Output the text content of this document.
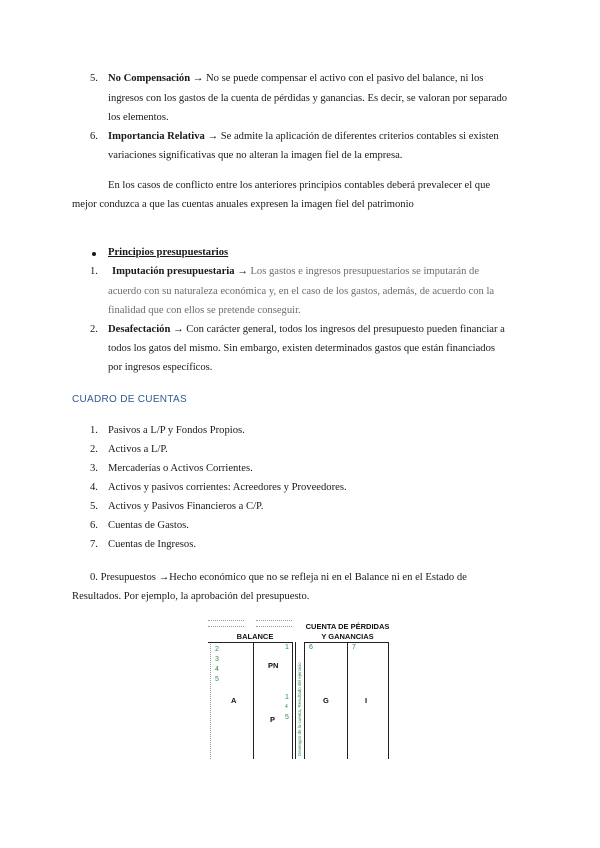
5. No Compensación → No se puede compensar el activo con el pasivo del balance, ni los
ingresos con los gastos de la cuenta de pérdidas y ganancias. Es decir, se valoran por separado
los elementos.
6. Importancia Relativa → Se admite la aplicación de diferentes criterios contables si existen
variaciones significativas que no alteran la imagen fiel de la empresa.
En los casos de conflicto entre los anteriores principios contables deberá prevalecer el que
mejor conduzca a que las cuentas anuales expresen la imagen fiel del patrimonio
Principios presupuestarios
1. Imputación presupuestaria → Los gastos e ingresos presupuestarios se imputarán de
acuerdo con su naturaleza económica y, en el caso de los gastos, además, de acuerdo con la
finalidad que con ellos se pretende conseguir.
2. Desafectación → Con carácter general, todos los ingresos del presupuesto pueden financiar a
todos los gatos del mismo. Sin embargo, existen determinados gastos que están financiados
por ingresos específicos.
CUADRO DE CUENTAS
1. Pasivos a L/P y Fondos Propios.
2. Activos a L/P.
3. Mercaderías o Activos Corrientes.
4. Activos y pasivos corrientes: Acreedores y Proveedores.
5. Activos y Pasivos Financieros a C/P.
6. Cuentas de Gastos.
7. Cuentas de Ingresos.
0. Presupuestos →Hecho económico que no se refleja ni en el Balance ni en el Estado de
Resultados. Por ejemplo, la aprobación del presupuesto.
BALANCE
CUENTA DE PÉRDIDAS
Y GANANCIAS
2
3
4
5
1
PN
A	1
4
5
P	Devengos de la cuenta, Resultado del ejercicio
6	7
G	I
